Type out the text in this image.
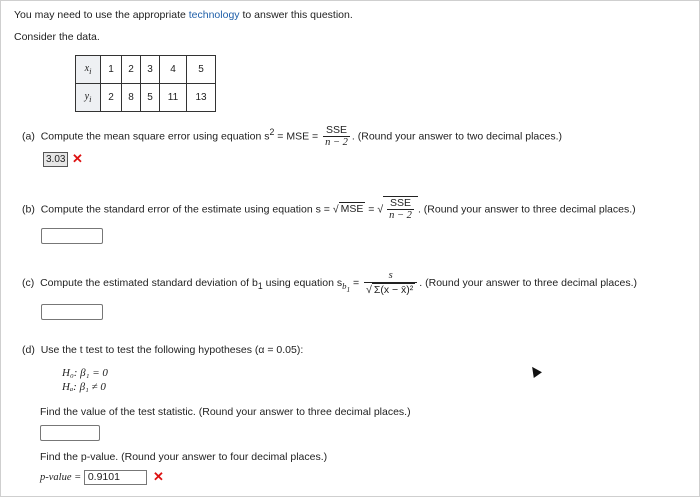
You may need to use the appropriate technology to answer this question.
Consider the data.
$x_i$	1	2	3	4	5
$y_i$	2	8	5	11	13
(a) Compute the mean square error using equation $s^2$ = MSE = $\frac{\text{SSE}}{n - 2}$ . (Round your answer to two decimal places.)
3.03 ✕
(b) Compute the standard error of the estimate using equation s = √ MSE = √ $\frac{\text{SSE}}{n - 2}$ . (Round your answer to three decimal places.)
(c) Compute the estimated standard deviation of $b_1$ using equation $s_{b_1} = \frac{s}{\text{√ Σ(x − x̄)²}}$ . (Round your answer to three decimal places.)
(d) Use the t test to test the following hypotheses (α = 0.05):
H₀: β₁ = 0
Hₐ: β₁ ≠ 0
Find the value of the test statistic. (Round your answer to three decimal places.)
Find the p-value. (Round your answer to four decimal places.)
p-value = 0.9101	✕
